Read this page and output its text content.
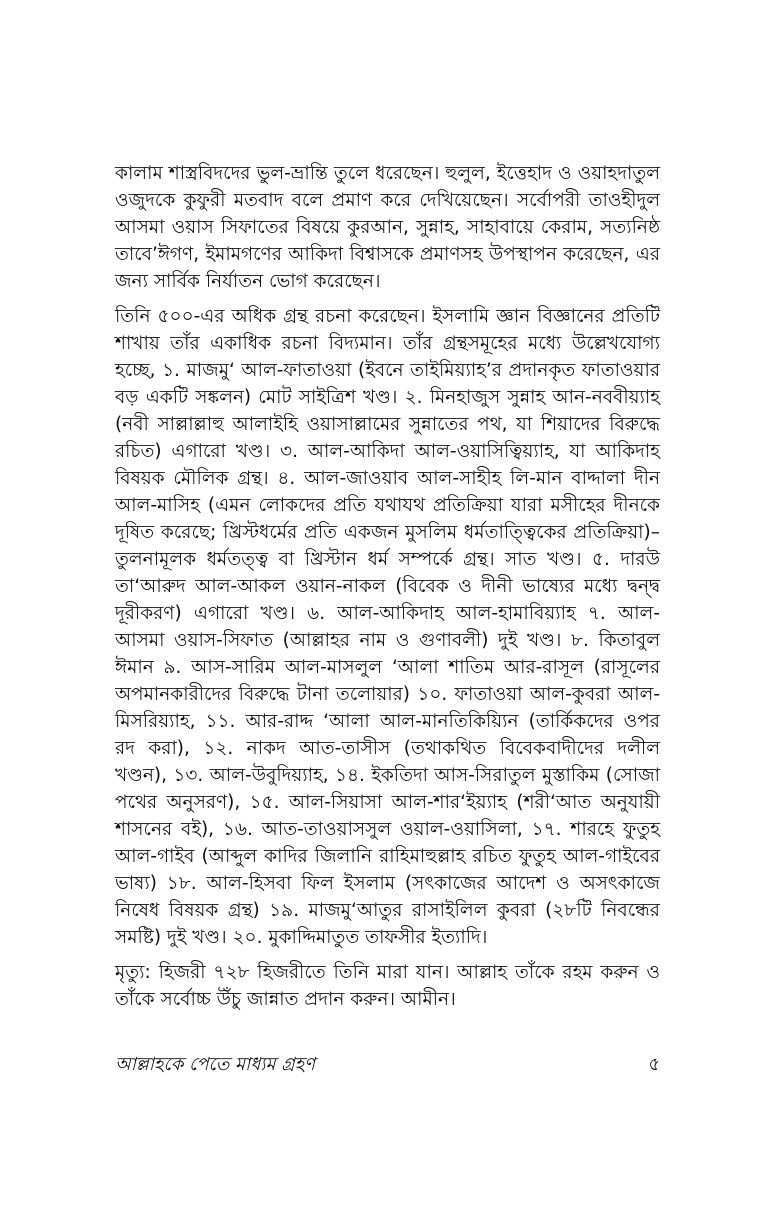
কালাম শাস্ত্রবিদদের ভুল-ভ্রান্তি তুলে ধরেছেন। হুলুল, ইত্তেহাদ ও ওয়াহদাতুল ওজুদকে কুফুরী মতবাদ বলে প্রমাণ করে দেখিয়েছেন। সর্বোপরী তাওহীদুল আসমা ওয়াস সিফাতের বিষয়ে কুরআন, সুন্নাহ, সাহাবায়ে কেরাম, সত্যনিষ্ঠ তাবে’ঈগণ, ইমামগণের আকিদা বিশ্বাসকে প্রমাণসহ উপস্থাপন করেছেন, এর জন্য সার্বিক নির্যাতন ভোগ করেছেন।

তিনি ৫০০-এর অধিক গ্রন্থ রচনা করেছেন। ইসলামি জ্ঞান বিজ্ঞানের প্রতিটি শাখায় তাঁর একাধিক রচনা বিদ্যমান। তাঁর গ্রন্থসমূহের মধ্যে উল্লেখযোগ্য হচ্ছে, ১. মাজমু‘ আল-ফাতাওয়া (ইবনে তাইমিয়্যাহ’র প্রদানকৃত ফাতাওয়ার বড় একটি সঙ্কলন) মোট সাইত্রিশ খণ্ড। ২. মিনহাজুস সুন্নাহ আন-নববীয়্যাহ (নবী সাল্লাল্লাহু আলাইহি ওয়াসাল্লামের সুন্নাতের পথ, যা শিয়াদের বিরুদ্ধে রচিত) এগারো খণ্ড। ৩. আল-আকিদা আল-ওয়াসিত্বিয়্যাহ, যা আকিদাহ বিষয়ক মৌলিক গ্রন্থ। ৪. আল-জাওয়াব আল-সাহীহ লি-মান বাদ্দালা দীন আল-মাসিহ (এমন লোকদের প্রতি যথাযথ প্রতিক্রিয়া যারা মসীহের দীনকে দূষিত করেছে; খ্রিস্টধর্মের প্রতি একজন মুসলিম ধর্মতাত্ত্বিকের প্রতিক্রিয়া)– তুলনামূলক ধর্মতত্ত্ব বা খ্রিস্টান ধর্ম সম্পর্কে গ্রন্থ। সাত খণ্ড। ৫. দারউ তা‘আরুদ আল-আকল ওয়ান-নাকল (বিবেক ও দীনী ভাষ্যের মধ্যে দ্বন্দ্ব দূরীকরণ) এগারো খণ্ড। ৬. আল-আকিদাহ আল-হামাবিয়্যাহ ৭. আল-আসমা ওয়াস-সিফাত (আল্লাহর নাম ও গুণাবলী) দুই খণ্ড। ৮. কিতাবুল ঈমান ৯. আস-সারিম আল-মাসলুল ‘আলা শাতিম আর-রাসূল (রাসূলের অপমানকারীদের বিরুদ্ধে টানা তলোয়ার) ১০. ফাতাওয়া আল-কুবরা আল-মিসরিয়্যাহ, ১১. আর-রাদ্দ ‘আলা আল-মানতিকিয়্যিন (তার্কিকদের ওপর রদ করা), ১২. নাকদ আত-তাসীস (তথাকথিত বিবেকবাদীদের দলীল খণ্ডন), ১৩. আল-উবুদিয়্যাহ, ১৪. ইকতিদা আস-সিরাতুল মুস্তাকিম (সোজা পথের অনুসরণ), ১৫. আল-সিয়াসা আল-শার‘ইয়্যাহ (শরী‘আত অনুযায়ী শাসনের বই), ১৬. আত-তাওয়াসসুল ওয়াল-ওয়াসিলা, ১৭. শারহে ফুতুহ আল-গাইব (আব্দুল কাদির জিলানি রাহিমাহুল্লাহ রচিত ফুতুহ আল-গাইবের ভাষ্য) ১৮. আল-হিসবা ফিল ইসলাম (সৎকাজের আদেশ ও অসৎকাজে নিষেধ বিষয়ক গ্রন্থ) ১৯. মাজমু‘আতুর রাসাইলিল কুবরা (২৮টি নিবন্ধের সমষ্টি) দুই খণ্ড। ২০. মুকাদ্দিমাতুত তাফসীর ইত্যাদি।

মৃত্যু: হিজরী ৭২৮ হিজরীতে তিনি মারা যান। আল্লাহ তাঁকে রহম করুন ও তাঁকে সর্বোচ্চ উঁচু জান্নাত প্রদান করুন। আমীন।

আল্লাহকে পেতে মাধ্যম গ্রহণ	৫
